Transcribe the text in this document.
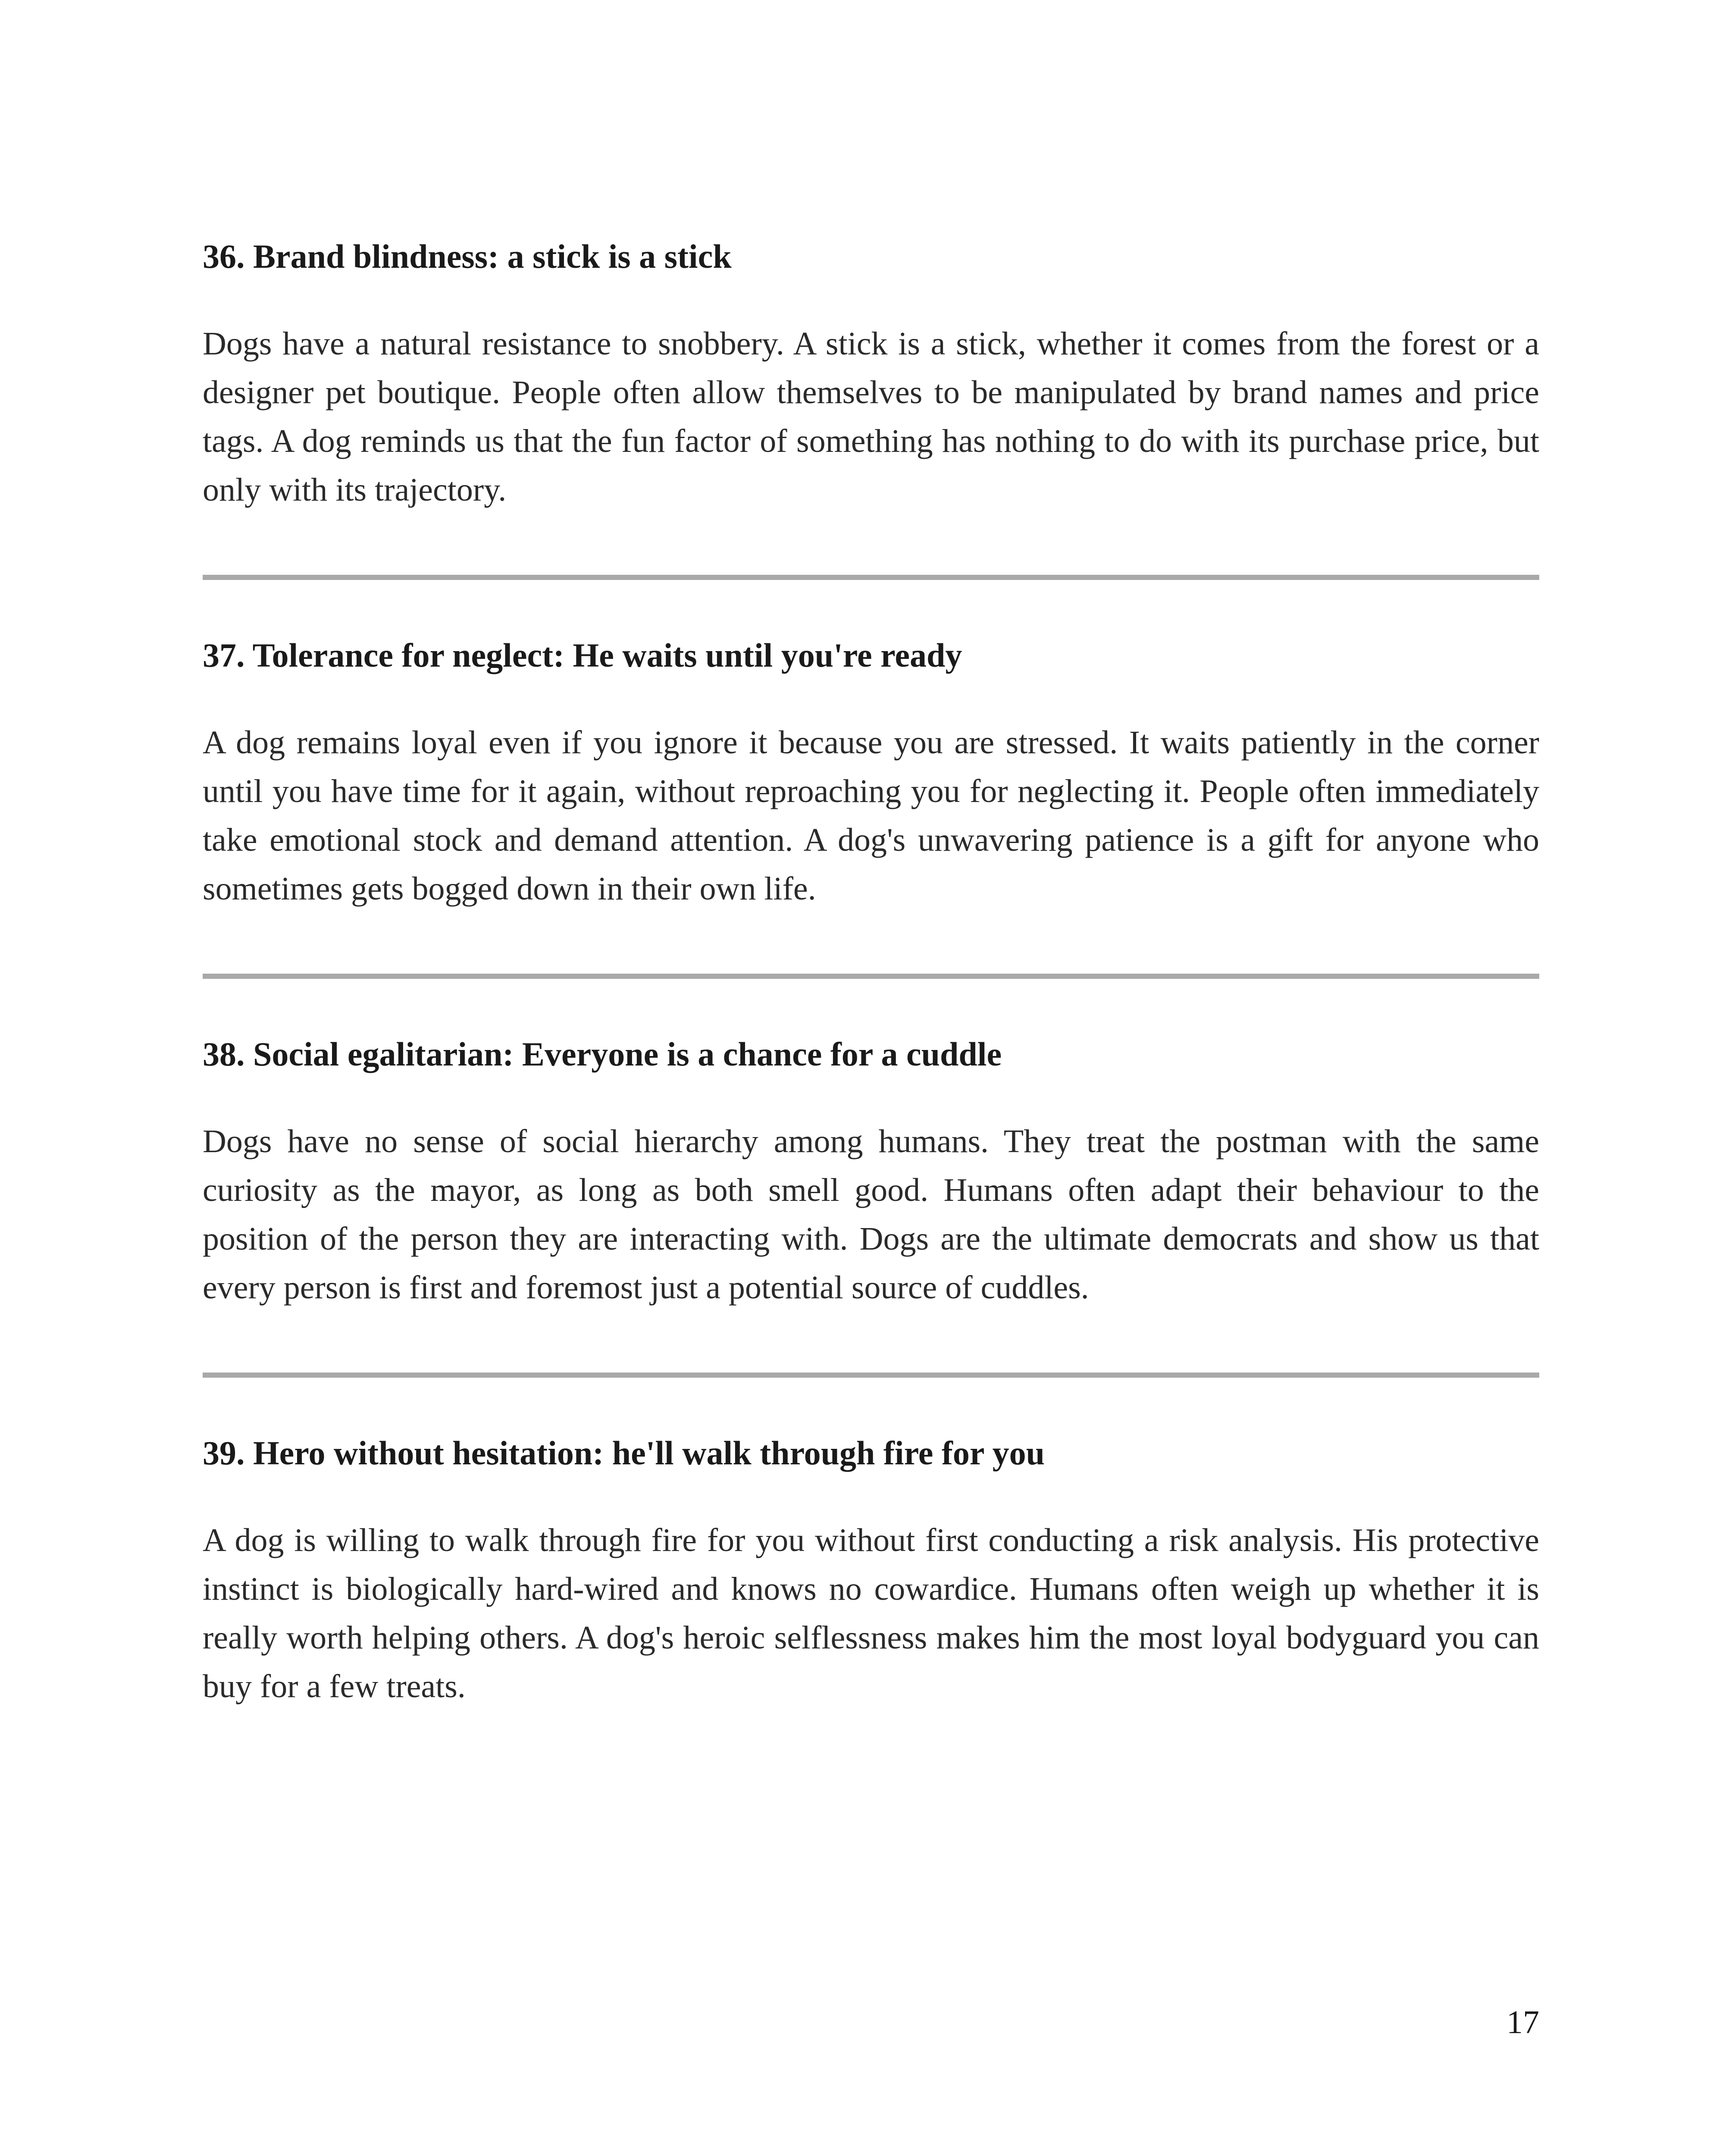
36. Brand blindness: a stick is a stick

Dogs have a natural resistance to snobbery. A stick is a stick, whether it comes from the forest or a designer pet boutique. People often allow themselves to be manipulated by brand names and price tags. A dog reminds us that the fun factor of something has nothing to do with its purchase price, but only with its trajectory.

37. Tolerance for neglect: He waits until you're ready

A dog remains loyal even if you ignore it because you are stressed. It waits patiently in the corner until you have time for it again, without reproaching you for neglecting it. People often immediately take emotional stock and demand attention. A dog's unwavering patience is a gift for anyone who sometimes gets bogged down in their own life.

38. Social egalitarian: Everyone is a chance for a cuddle

Dogs have no sense of social hierarchy among humans. They treat the postman with the same curiosity as the mayor, as long as both smell good. Humans often adapt their behaviour to the position of the person they are interacting with. Dogs are the ultimate democrats and show us that every person is first and foremost just a potential source of cuddles.

39. Hero without hesitation: he'll walk through fire for you

A dog is willing to walk through fire for you without first conducting a risk analysis. His protective instinct is biologically hard-wired and knows no cowardice. Humans often weigh up whether it is really worth helping others. A dog's heroic selflessness makes him the most loyal bodyguard you can buy for a few treats.

17
